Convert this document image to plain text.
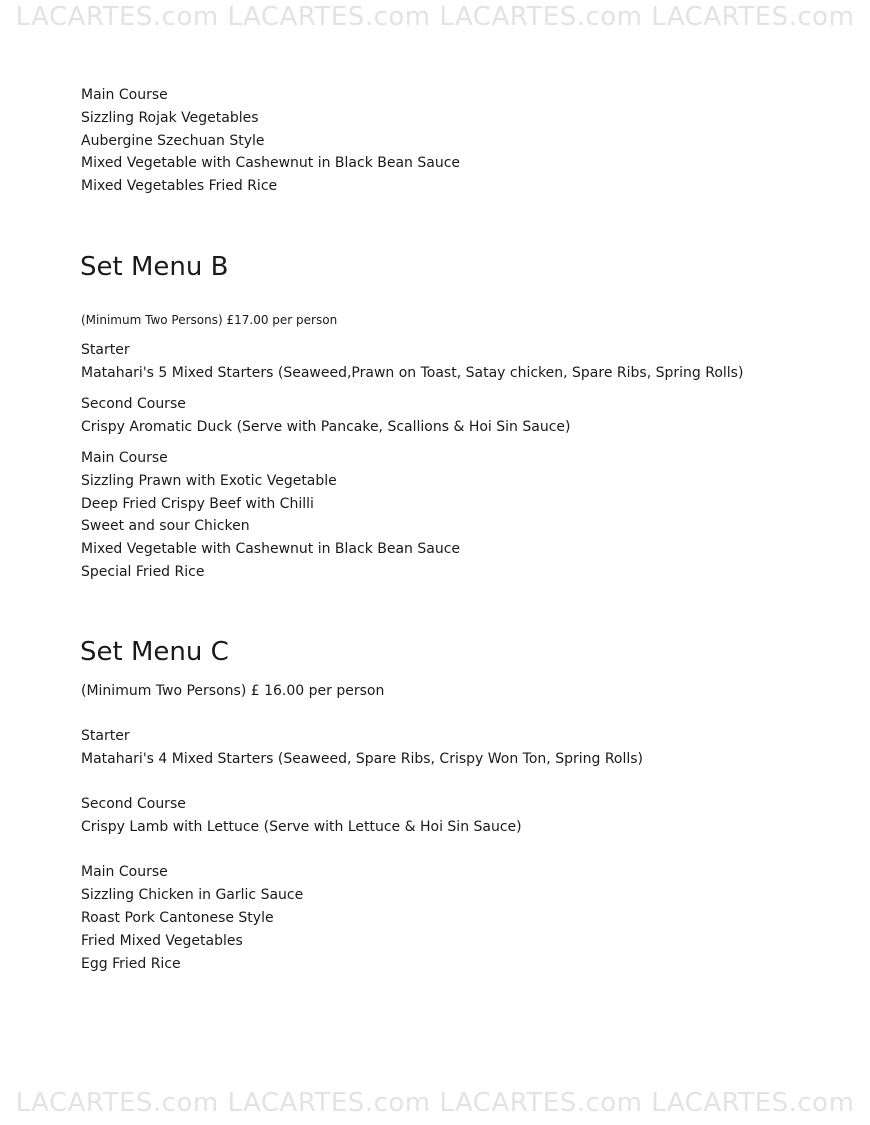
LACARTES.com LACARTES.com LACARTES.com LACARTES.com

Main Course

Sizzling Rojak Vegetables

Aubergine Szechuan Style

Mixed Vegetable with Cashewnut in Black Bean Sauce

Mixed Vegetables Fried Rice

Set Menu B

(Minimum Two Persons) £17.00 per person

Starter

Matahari's 5 Mixed Starters (Seaweed,Prawn on Toast, Satay chicken, Spare Ribs, Spring Rolls)

Second Course

Crispy Aromatic Duck (Serve with Pancake, Scallions & Hoi Sin Sauce)

Main Course

Sizzling Prawn with Exotic Vegetable

Deep Fried Crispy Beef with Chilli

Sweet and sour Chicken

Mixed Vegetable with Cashewnut in Black Bean Sauce

Special Fried Rice

Set Menu C

(Minimum Two Persons) £ 16.00 per person

Starter

Matahari's 4 Mixed Starters (Seaweed, Spare Ribs, Crispy Won Ton, Spring Rolls)

Second Course

Crispy Lamb with Lettuce (Serve with Lettuce & Hoi Sin Sauce)

Main Course

Sizzling Chicken in Garlic Sauce

Roast Pork Cantonese Style

Fried Mixed Vegetables

Egg Fried Rice

LACARTES.com LACARTES.com LACARTES.com LACARTES.com
